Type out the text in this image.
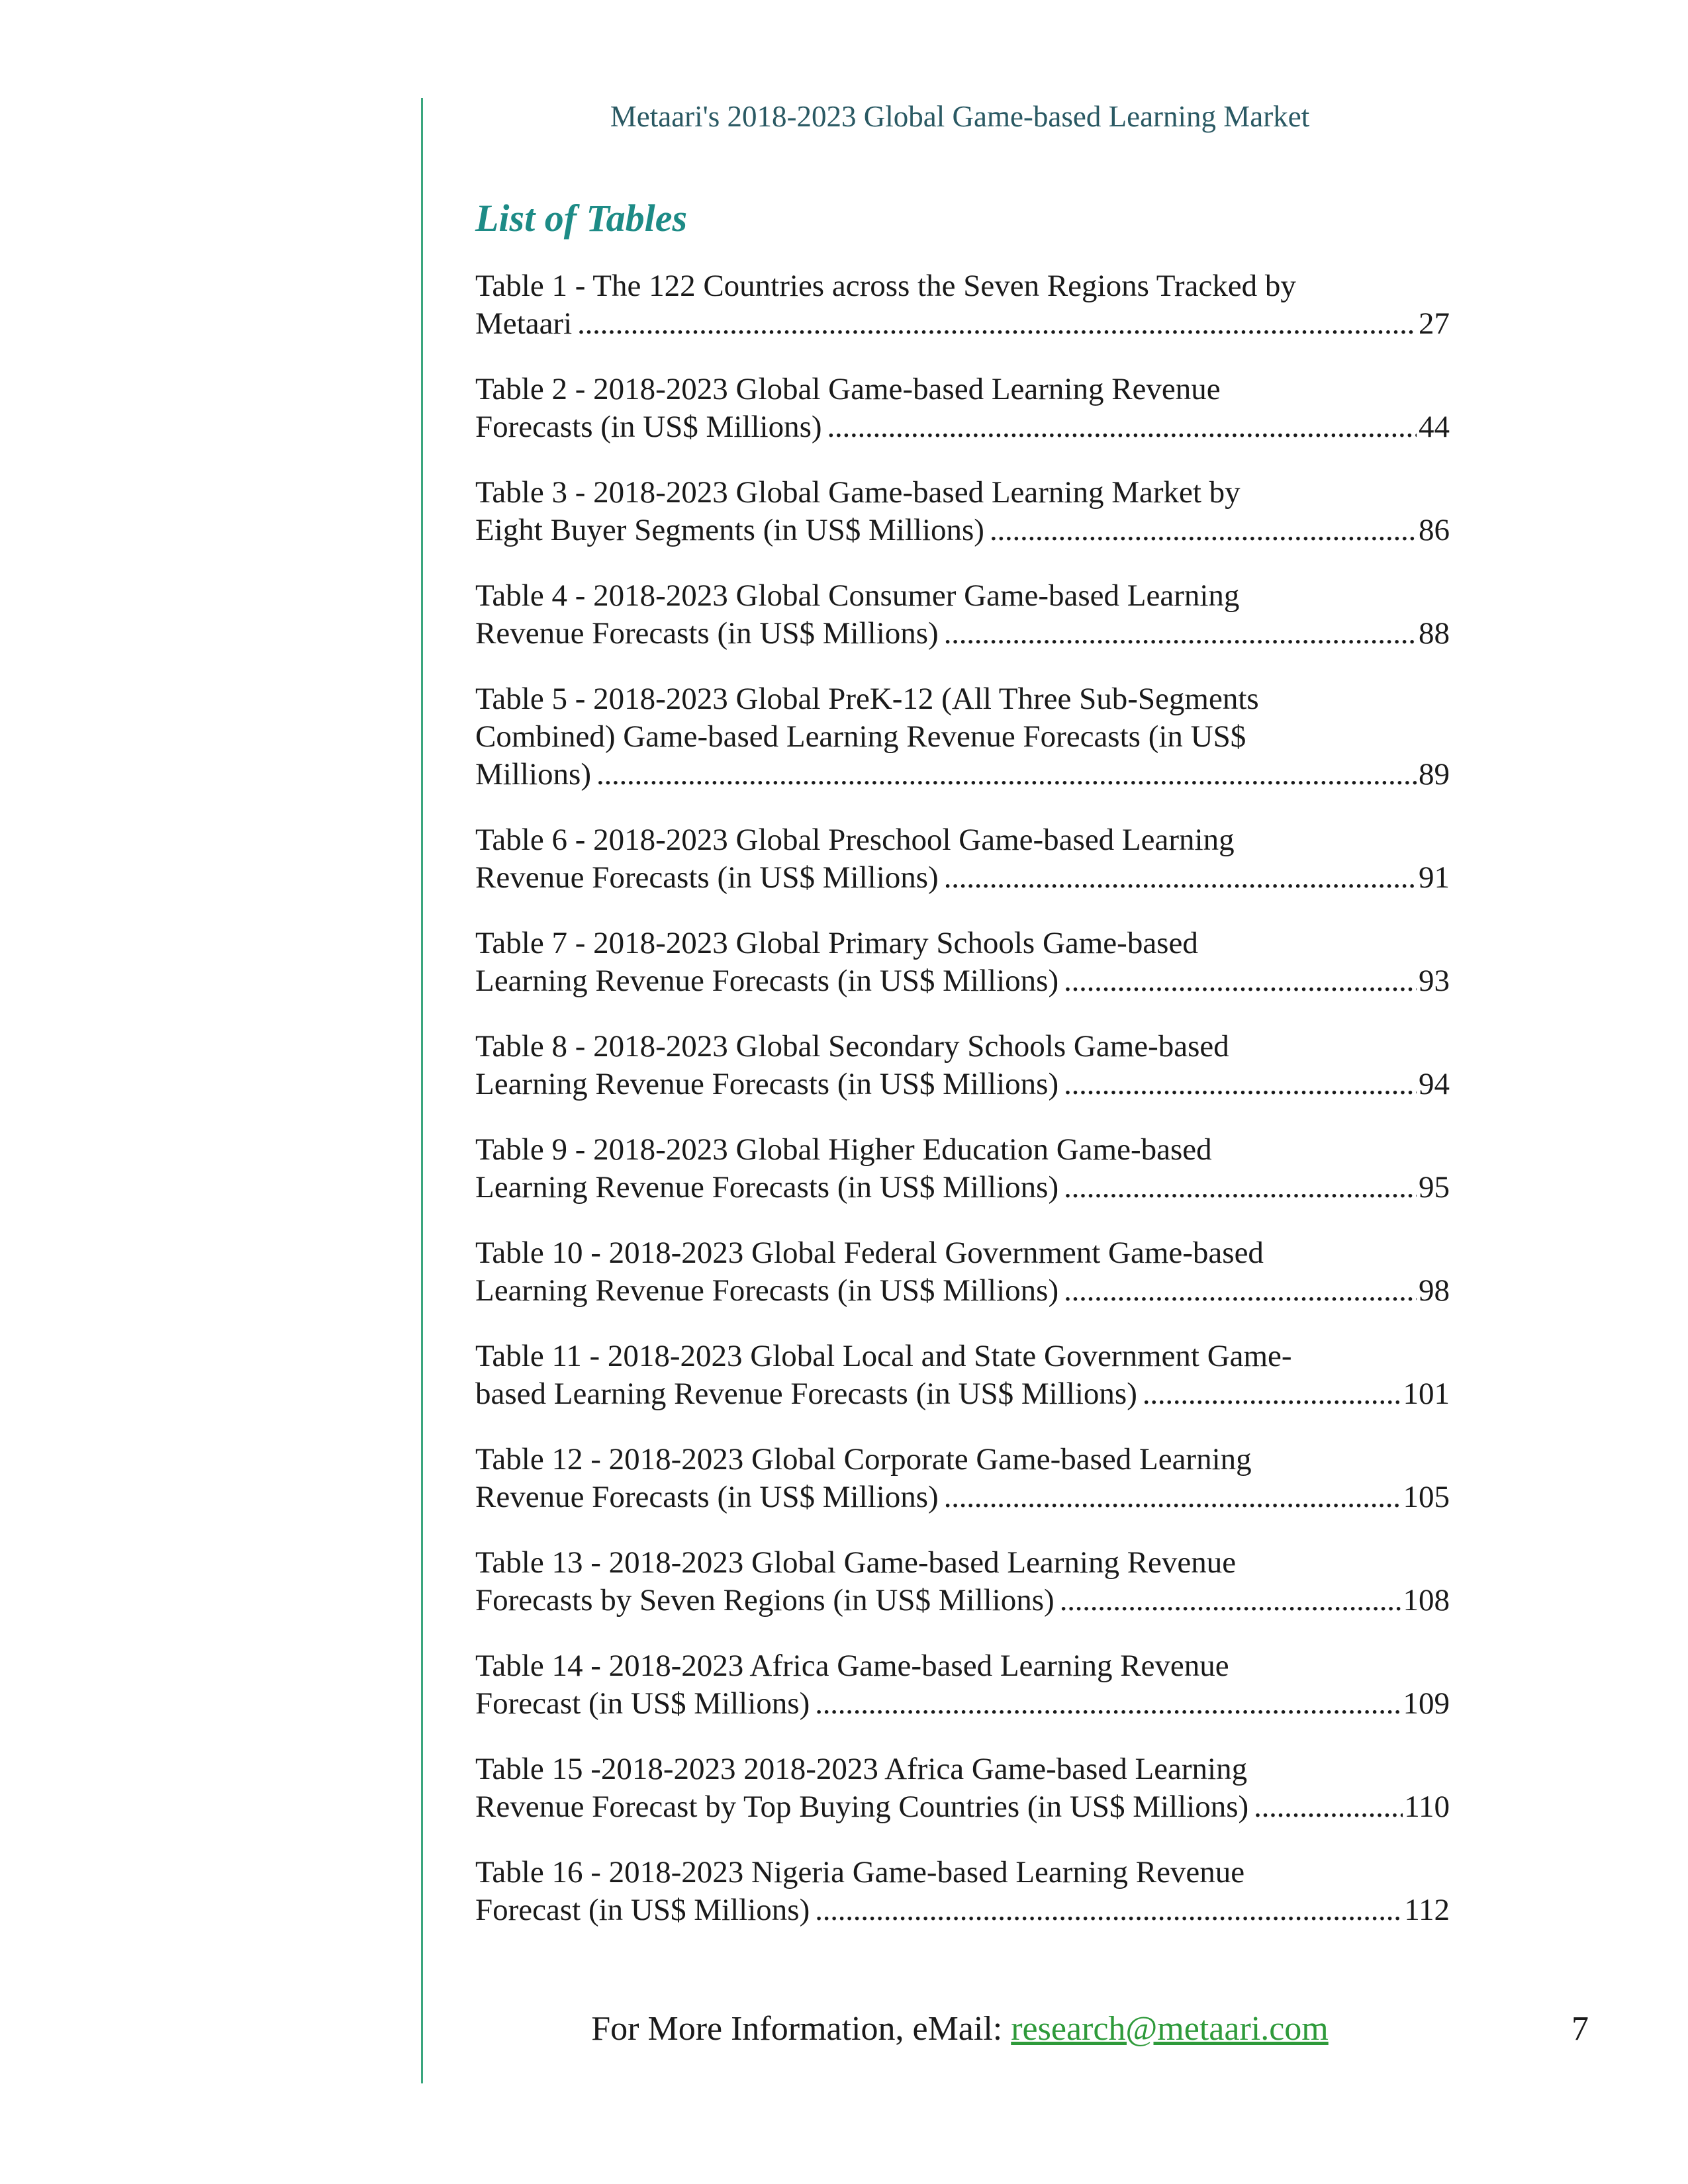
Metaari's 2018-2023 Global Game-based Learning Market
List of Tables
Table 1 - The 122 Countries across the Seven Regions Tracked by
Metaari . . .	27
Table 2 - 2018-2023 Global Game-based Learning Revenue
Forecasts (in US$ Millions) . . .	44
Table 3 - 2018-2023 Global Game-based Learning Market by
Eight Buyer Segments (in US$ Millions) . . .	86
Table 4 - 2018-2023 Global Consumer Game-based Learning
Revenue Forecasts (in US$ Millions) . . .	88
Table 5 - 2018-2023 Global PreK-12 (All Three Sub-Segments
Combined) Game-based Learning Revenue Forecasts (in US$
Millions) . . .	89
Table 6 - 2018-2023 Global Preschool Game-based Learning
Revenue Forecasts (in US$ Millions) . . .	91
Table 7 - 2018-2023 Global Primary Schools Game-based
Learning Revenue Forecasts (in US$ Millions) . . .	93
Table 8 - 2018-2023 Global Secondary Schools Game-based
Learning Revenue Forecasts (in US$ Millions) . . .	94
Table 9 - 2018-2023 Global Higher Education Game-based
Learning Revenue Forecasts (in US$ Millions) . . .	95
Table 10 - 2018-2023 Global Federal Government Game-based
Learning Revenue Forecasts (in US$ Millions) . . .	98
Table 11 - 2018-2023 Global Local and State Government Game-
based Learning Revenue Forecasts (in US$ Millions) . . .	101
Table 12 - 2018-2023 Global Corporate Game-based Learning
Revenue Forecasts (in US$ Millions) . . .	105
Table 13 - 2018-2023 Global Game-based Learning Revenue
Forecasts by Seven Regions (in US$ Millions) . . .	108
Table 14 - 2018-2023 Africa Game-based Learning Revenue
Forecast (in US$ Millions) . . .	109
Table 15 -2018-2023 2018-2023 Africa Game-based Learning
Revenue Forecast by Top Buying Countries (in US$ Millions) . . .	110
Table 16 - 2018-2023 Nigeria Game-based Learning Revenue
Forecast (in US$ Millions) . . .	112
For More Information, eMail: research@metaari.com	7
